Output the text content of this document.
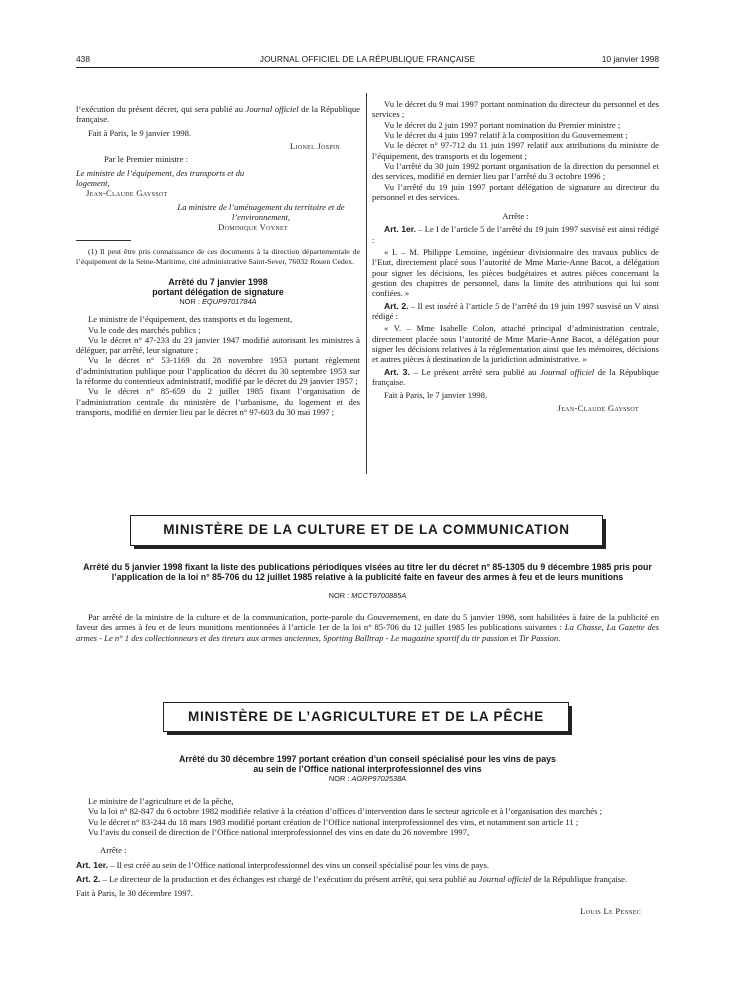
438	JOURNAL OFFICIEL DE LA RÉPUBLIQUE FRANÇAISE	10 janvier 1998

l’exécution du présent décret, qui sera publié au Journal officiel de la République française.

Fait à Paris, le 9 janvier 1998.

Lionel Jospin

Par le Premier ministre :

Le ministre de l’équipement, des transports et du logement,

Jean-Claude Gayssot

La ministre de l’aménagement du territoire et de l’environnement,

Dominique Voynet

(1) Il peut être pris connaissance de ces documents à la direction départementale de l’équipement de la Seine-Maritime, cité administrative Saint-Sever, 76032 Rouen Cedex.

Arrêté du 7 janvier 1998

portant délégation de signature

NOR : EQUP9701784A

Le ministre de l’équipement, des transports et du logement,

Vu le code des marchés publics ;

Vu le décret n° 47-233 du 23 janvier 1947 modifié autorisant les ministres à déléguer, par arrêté, leur signature ;

Vu le décret n° 53-1169 du 28 novembre 1953 portant règlement d’administration publique pour l’application du décret du 30 septembre 1953 sur la réforme du contentieux administratif, modifié par le décret du 29 janvier 1957 ;

Vu le décret n° 85-659 du 2 juillet 1985 fixant l’organisation de l’administration centrale du ministère de l’urbanisme, du logement et des transports, modifié en dernier lieu par le décret n° 97-603 du 30 mai 1997 ;

Vu le décret du 9 mai 1997 portant nomination du directeur du personnel et des services ;

Vu le décret du 2 juin 1997 portant nomination du Premier ministre ;

Vu le décret du 4 juin 1997 relatif à la composition du Gouvernement ;

Vu le décret n° 97-712 du 11 juin 1997 relatif aux attributions du ministre de l’équipement, des transports et du logement ;

Vu l’arrêté du 30 juin 1992 portant organisation de la direction du personnel et des services, modifié en dernier lieu par l’arrêté du 3 octobre 1996 ;

Vu l’arrêté du 19 juin 1997 portant délégation de signature au directeur du personnel et des services.

Arrête :

Art. 1er. – Le I de l’article 5 de l’arrêté du 19 juin 1997 susvisé est ainsi rédigé :

« I. – M. Philippe Lemoine, ingénieur divisionnaire des travaux publics de l’Etat, directement placé sous l’autorité de Mme Marie-Anne Bacot, a délégation pour signer les décisions, les pièces budgétaires et autres pièces concernant la gestion des chapitres de personnel, dans la limite des attributions qui lui sont confiées. »

Art. 2. – Il est inséré à l’article 5 de l’arrêté du 19 juin 1997 susvisé un V ainsi rédigé :

« V. – Mme Isabelle Colon, attaché principal d’administration centrale, directement placée sous l’autorité de Mme Marie-Anne Bacot, a délégation pour signer les décisions relatives à la réglementation ainsi que les mémoires, décisions et autres pièces à destination de la juridiction administrative. »

Art. 3. – Le présent arrêté sera publié au Journal officiel de la République française.

Fait à Paris, le 7 janvier 1998.

Jean-Claude Gayssot

MINISTÈRE DE LA CULTURE ET DE LA COMMUNICATION

Arrêté du 5 janvier 1998 fixant la liste des publications périodiques visées au titre Ier du décret n° 85-1305 du 9 décembre 1985 pris pour l’application de la loi n° 85-706 du 12 juillet 1985 relative à la publicité faite en faveur des armes à feu et de leurs munitions

NOR : MCCT9700885A

Par arrêté de la ministre de la culture et de la communication, porte-parole du Gouvernement, en date du 5 janvier 1998, sont habilitées à faire de la publicité en faveur des armes à feu et de leurs munitions mentionnées à l’article 1er de la loi n° 85-706 du 12 juillet 1985 les publications suivantes : La Chasse, La Gazette des armes - Le n° 1 des collectionneurs et des tireurs aux armes anciennes, Sporting Balltrap - Le magazine sportif du tir passion et Tir Passion.

MINISTÈRE DE L’AGRICULTURE ET DE LA PÊCHE

Arrêté du 30 décembre 1997 portant création d’un conseil spécialisé pour les vins de pays

au sein de l’Office national interprofessionnel des vins

NOR : AGRP9702538A

Le ministre de l’agriculture et de la pêche,

Vu la loi n° 82-847 du 6 octobre 1982 modifiée relative à la création d’offices d’intervention dans le secteur agricole et à l’organisation des marchés ;

Vu le décret n° 83-244 du 18 mars 1983 modifié portant création de l’Office national interprofessionnel des vins, et notamment son article 11 ;

Vu l’avis du conseil de direction de l’Office national interprofessionnel des vins en date du 26 novembre 1997,

Arrête :

Art. 1er. – Il est créé au sein de l’Office national interprofessionnel des vins un conseil spécialisé pour les vins de pays.

Art. 2. – Le directeur de la production et des échanges est chargé de l’exécution du présent arrêté, qui sera publié au Journal officiel de la République française.

Fait à Paris, le 30 décembre 1997.

Louis Le Pensec
